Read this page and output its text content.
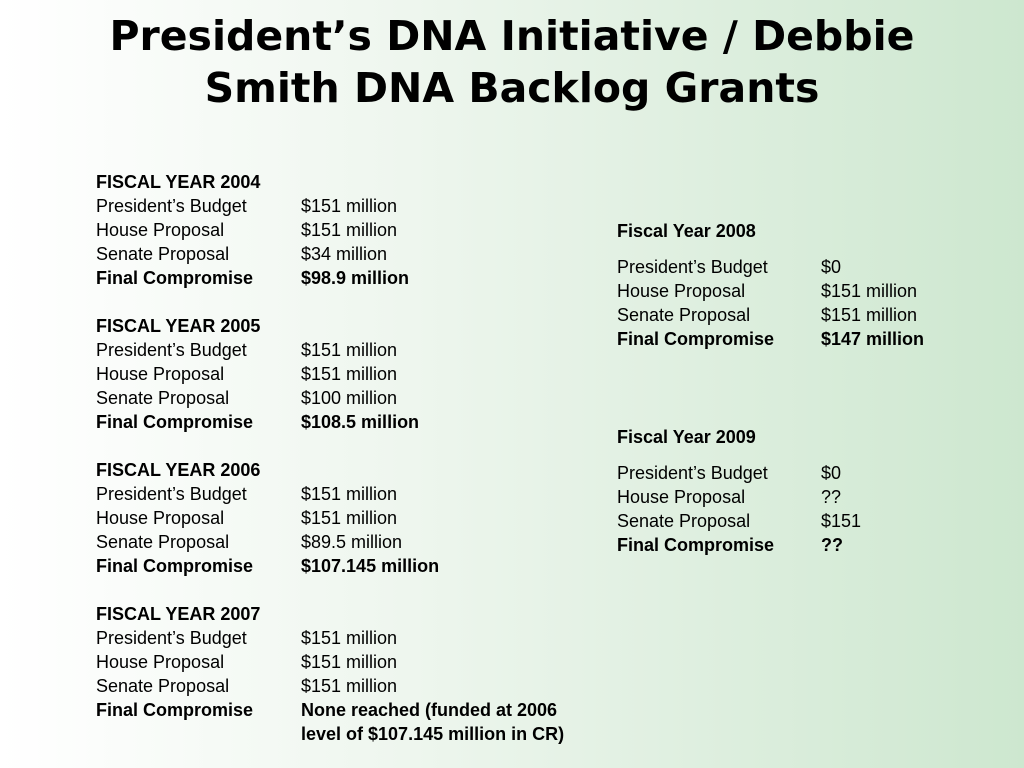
President’s DNA Initiative / Debbie
Smith DNA Backlog Grants
FISCAL YEAR 2004
President’s Budget	$151 million
House Proposal	$151 million
Senate Proposal	$34 million
Final Compromise	$98.9 million
FISCAL YEAR 2005
President’s Budget	$151 million
House Proposal	$151 million
Senate Proposal	$100 million
Final Compromise	$108.5 million
FISCAL YEAR 2006
President’s Budget	$151 million
House Proposal	$151 million
Senate Proposal	$89.5 million
Final Compromise	$107.145 million
FISCAL YEAR 2007
President’s Budget	$151 million
House Proposal	$151 million
Senate Proposal	$151 million
Final Compromise	None reached (funded at 2006
level of $107.145 million in CR)
Fiscal Year 2008
President’s Budget	$0
House Proposal	$151 million
Senate Proposal	$151 million
Final Compromise	$147 million
Fiscal Year 2009
President’s Budget	$0
House Proposal	??
Senate Proposal	$151
Final Compromise	??
